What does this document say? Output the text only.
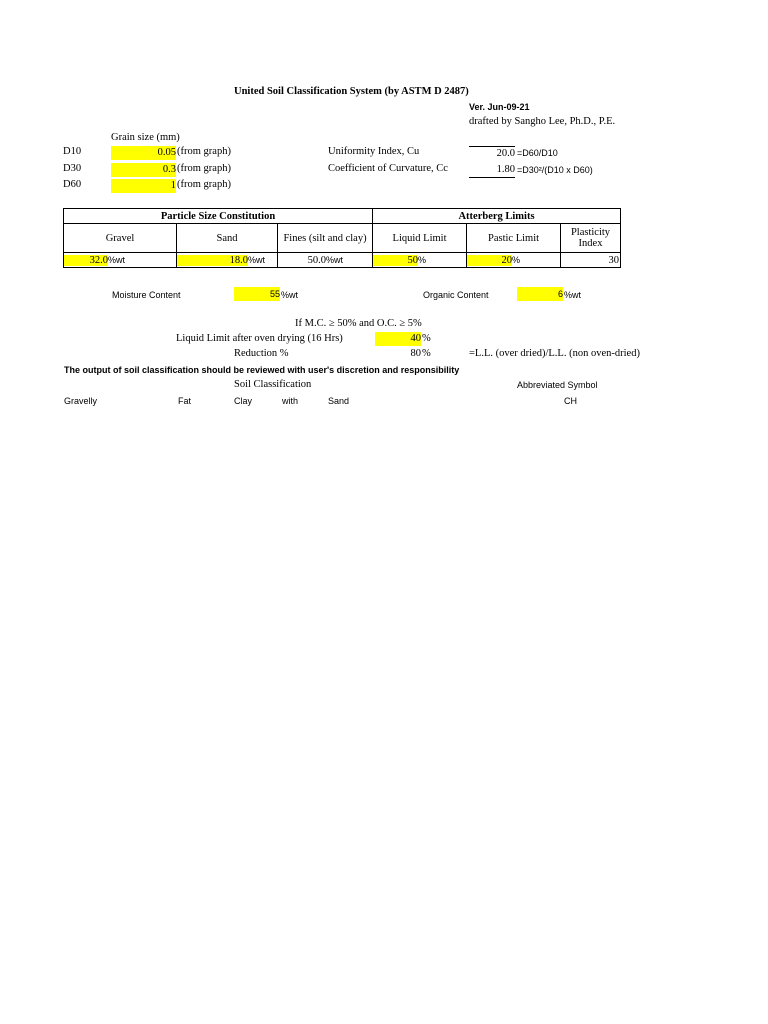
United Soil Classification System (by ASTM D 2487)
Ver. Jun-09-21
drafted by Sangho Lee, Ph.D., P.E.
Grain size (mm)
D10	0.05 (from graph)
D30	0.3 (from graph)
D60	1 (from graph)
Uniformity Index, Cu	20.0 =D60/D10
Coefficient of Curvature, Cc	1.80 =D30²/(D10 x D60)
Particle Size Constitution			Atterberg Limits		
Gravel	Sand	Fines (silt and clay)	Liquid Limit	Pastic Limit	Plasticity Index
32.0%wt	18.0%wt	50.0%wt	50%	20%	30
Moisture Content	55 %wt	Organic Content	6 %wt
If M.C. ≥ 50% and O.C. ≥ 5%
Liquid Limit after oven drying (16 Hrs)	40 %
Reduction %	80 %	=L.L. (over dried)/L.L. (non oven-dried)
The output of soil classification should be reviewed with user's discretion and responsibility
Soil Classification	Abbreviated Symbol
Gravelly	Fat	Clay	with	Sand	CH
